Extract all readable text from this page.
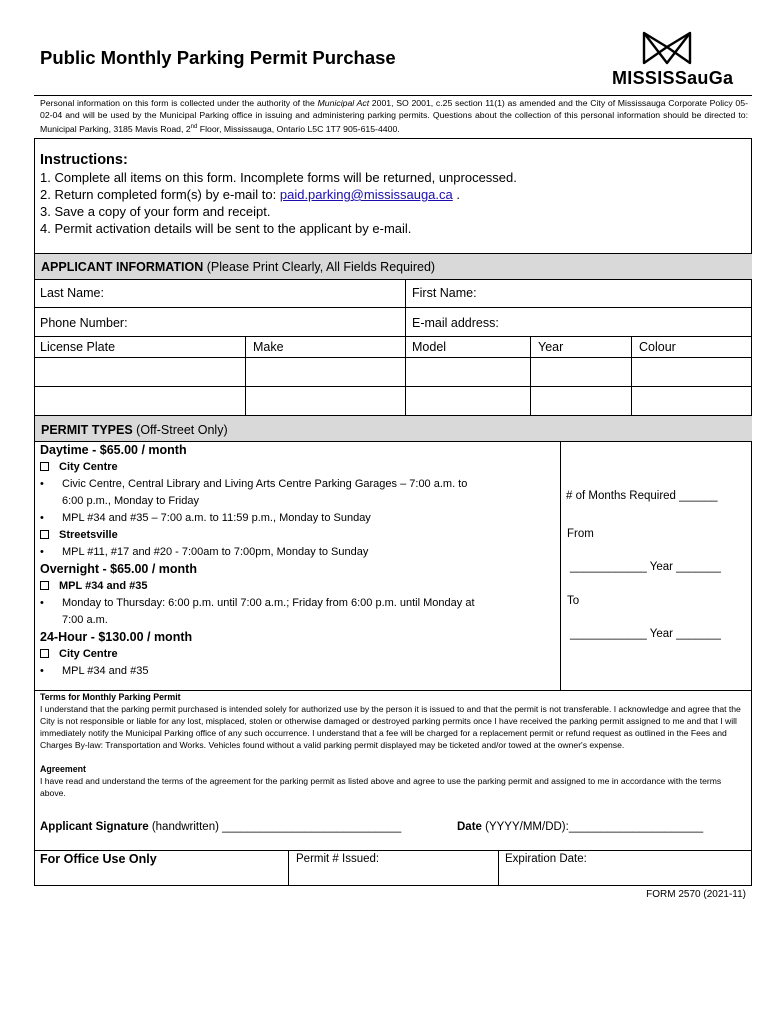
Public Monthly Parking Permit Purchase
MISSISSauGa
Personal information on this form is collected under the authority of the Municipal Act 2001, SO 2001, c.25 section 11(1) as amended and the City of Mississauga Corporate Policy 05-02-04 and will be used by the Municipal Parking office in issuing and administering parking permits. Questions about the collection of this personal information should be directed to: Municipal Parking, 3185 Mavis Road, 2nd Floor, Mississauga, Ontario L5C 1T7 905-615-4400.
Instructions:
1. Complete all items on this form. Incomplete forms will be returned, unprocessed.
2. Return completed form(s) by e-mail to: paid.parking@mississauga.ca .
3. Save a copy of your form and receipt.
4. Permit activation details will be sent to the applicant by e-mail.
APPLICANT INFORMATION (Please Print Clearly, All Fields Required)
Last Name:	First Name:
Phone Number:	E-mail address:
License Plate	Make	Model	Year	Colour
PERMIT TYPES (Off-Street Only)
Daytime - $65.00 / month
City Centre
• Civic Centre, Central Library and Living Arts Centre Parking Garages – 7:00 a.m. to
6:00 p.m., Monday to Friday
• MPL #34 and #35 – 7:00 a.m. to 11:59 p.m., Monday to Sunday
Streetsville
• MPL #11, #17 and #20 - 7:00am to 7:00pm, Monday to Sunday
Overnight - $65.00 / month
MPL #34 and #35
• Monday to Thursday: 6:00 p.m. until 7:00 a.m.; Friday from 6:00 p.m. until Monday at
7:00 a.m.
24-Hour - $130.00 / month
City Centre
• MPL #34 and #35
# of Months Required ______
From
____________ Year _______
To
____________ Year _______
Terms for Monthly Parking Permit
I understand that the parking permit purchased is intended solely for authorized use by the person it is issued to and that the permit is not transferable. I acknowledge and agree that the City is not responsible or liable for any lost, misplaced, stolen or otherwise damaged or destroyed parking permits once I have received the parking permit assigned to me and that I will immediately notify the Municipal Parking office of any such occurrence. I understand that a fee will be charged for a replacement permit or refund request as outlined in the Fees and Charges By-law: Transportation and Works. Vehicles found without a valid parking permit displayed may be ticketed and/or towed at the owner's expense.
Agreement
I have read and understand the terms of the agreement for the parking permit as listed above and agree to use the parking permit and assigned to me in accordance with the terms above.
Applicant Signature (handwritten) ____________________________	Date (YYYY/MM/DD):_____________________
For Office Use Only	Permit # Issued:	Expiration Date:
FORM 2570 (2021-11)
